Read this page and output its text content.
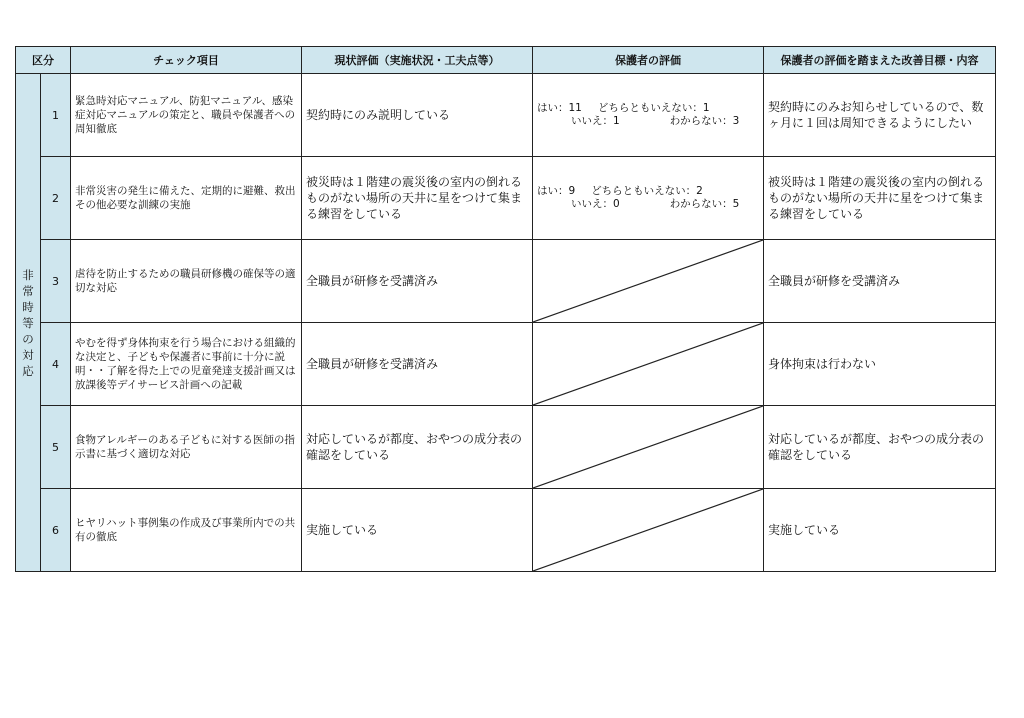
区分		チェック項目	現状評価（実施状況・工夫点等）	保護者の評価	保護者の評価を踏まえた改善目標・内容
非常時等の対応	1	緊急時対応マニュアル、防犯マニュアル、感染症対応マニュアルの策定と、職員や保護者への周知徹底	契約時にのみ説明している	はい：11 どちらともいえない：1
いいえ：1 わからない：3	契約時にのみお知らせしているので、数ヶ月に１回は周知できるようにしたい
	2	非常災害の発生に備えた、定期的に避難、救出その他必要な訓練の実施	被災時は１階建の震災後の室内の倒れるものがない場所の天井に星をつけて集まる練習をしている	はい：9 どちらともいえない：2
いいえ：0 わからない：5	被災時は１階建の震災後の室内の倒れるものがない場所の天井に星をつけて集まる練習をしている
	3	虐待を防止するための職員研修機の確保等の適切な対応	全職員が研修を受講済み		全職員が研修を受講済み
	4	やむを得ず身体拘束を行う場合における組織的な決定と、子どもや保護者に事前に十分に説明・・了解を得た上での児童発達支援計画又は放課後等デイサービス計画への記載	全職員が研修を受講済み		身体拘束は行わない
	5	食物アレルギーのある子どもに対する医師の指示書に基づく適切な対応	対応しているが都度、おやつの成分表の確認をしている		対応しているが都度、おやつの成分表の確認をしている
	6	ヒヤリハット事例集の作成及び事業所内での共有の徹底	実施している		実施している
